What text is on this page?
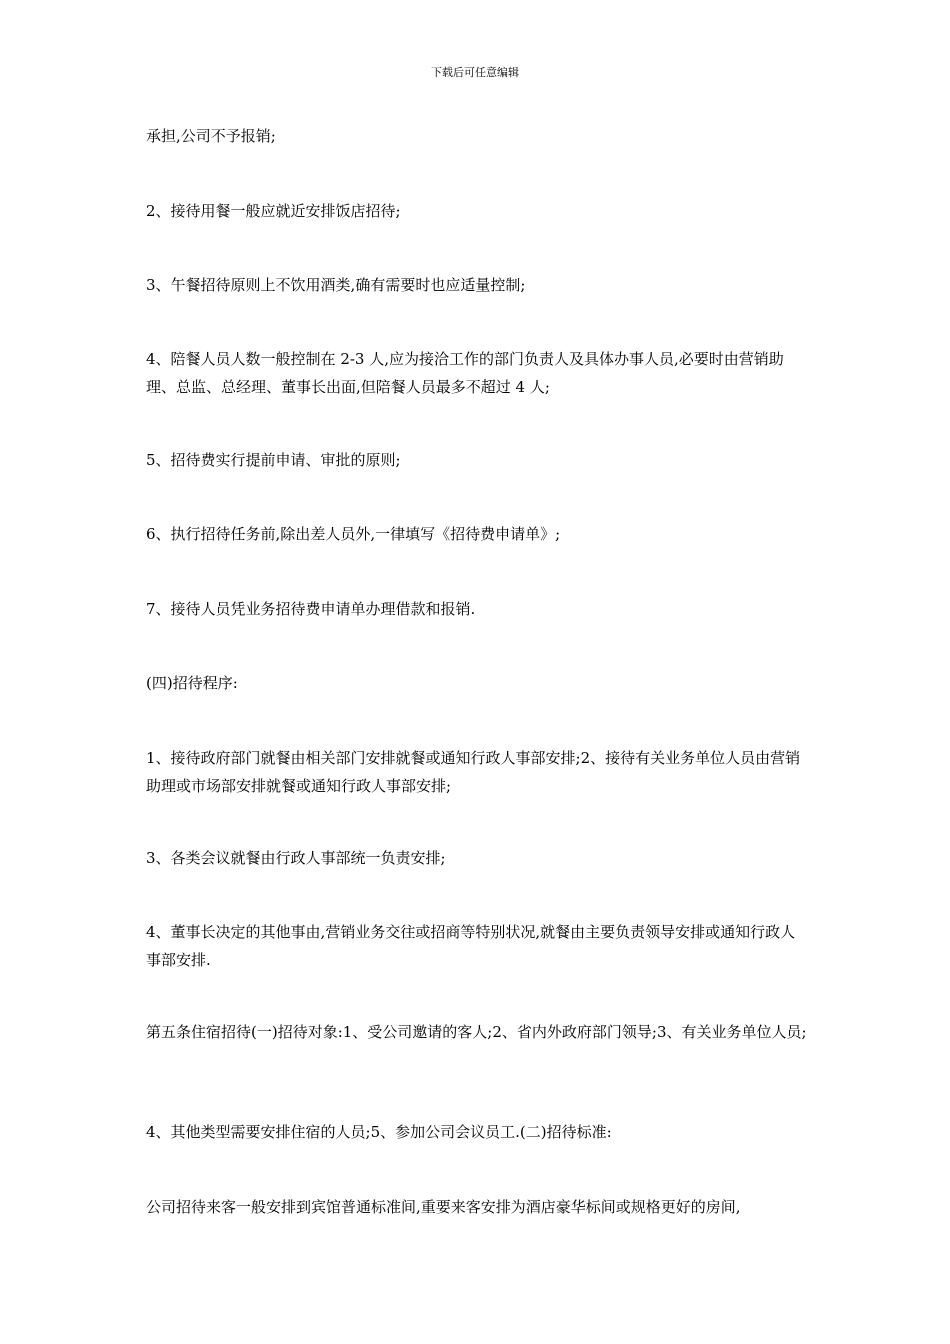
下载后可任意编辑

承担,公司不予报销;

2、接待用餐一般应就近安排饭店招待;

3、午餐招待原则上不饮用酒类,确有需要时也应适量控制;

4、陪餐人员人数一般控制在 2-3 人,应为接洽工作的部门负责人及具体办事人员,必要时由营销助理、总监、总经理、董事长出面,但陪餐人员最多不超过 4 人;

5、招待费实行提前申请、审批的原则;

6、执行招待任务前,除出差人员外,一律填写《招待费申请单》;

7、接待人员凭业务招待费申请单办理借款和报销.

(四)招待程序:

1、接待政府部门就餐由相关部门安排就餐或通知行政人事部安排;2、接待有关业务单位人员由营销助理或市场部安排就餐或通知行政人事部安排;

3、各类会议就餐由行政人事部统一负责安排;

4、董事长决定的其他事由,营销业务交往或招商等特别状况,就餐由主要负责领导安排或通知行政人事部安排.

第五条住宿招待(一)招待对象:1、受公司邀请的客人;2、省内外政府部门领导;3、有关业务单位人员;

4、其他类型需要安排住宿的人员;5、参加公司会议员工.(二)招待标准:

公司招待来客一般安排到宾馆普通标准间,重要来客安排为酒店豪华标间或规格更好的房间,
